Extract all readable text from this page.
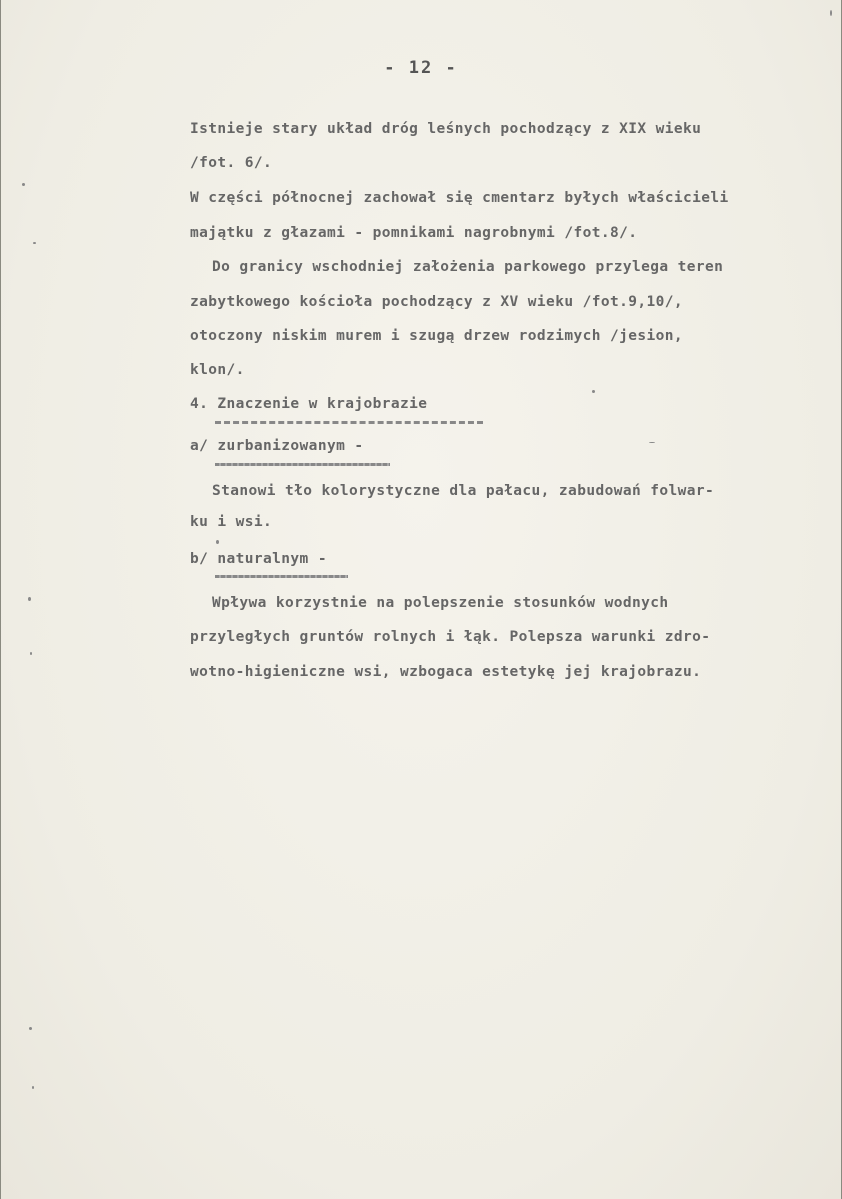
- 12 -
Istnieje stary układ dróg leśnych pochodzący z XIX wieku
/fot. 6/.
W części północnej zachował się cmentarz byłych właścicieli
majątku z głazami - pomnikami nagrobnymi /fot.8/.
Do granicy wschodniej założenia parkowego przylega teren
zabytkowego kościoła pochodzący z XV wieku /fot.9,10/,
otoczony niskim murem i szugą drzew rodzimych /jesion,
klon/.
4. Znaczenie w krajobrazie
a/ zurbanizowanym -
Stanowi tło kolorystyczne dla pałacu, zabudowań folwar-
ku i wsi.
b/ naturalnym -
Wpływa korzystnie na polepszenie stosunków wodnych
przyległych gruntów rolnych i łąk. Polepsza warunki zdro-
wotno-higieniczne wsi, wzbogaca estetykę jej krajobrazu.
